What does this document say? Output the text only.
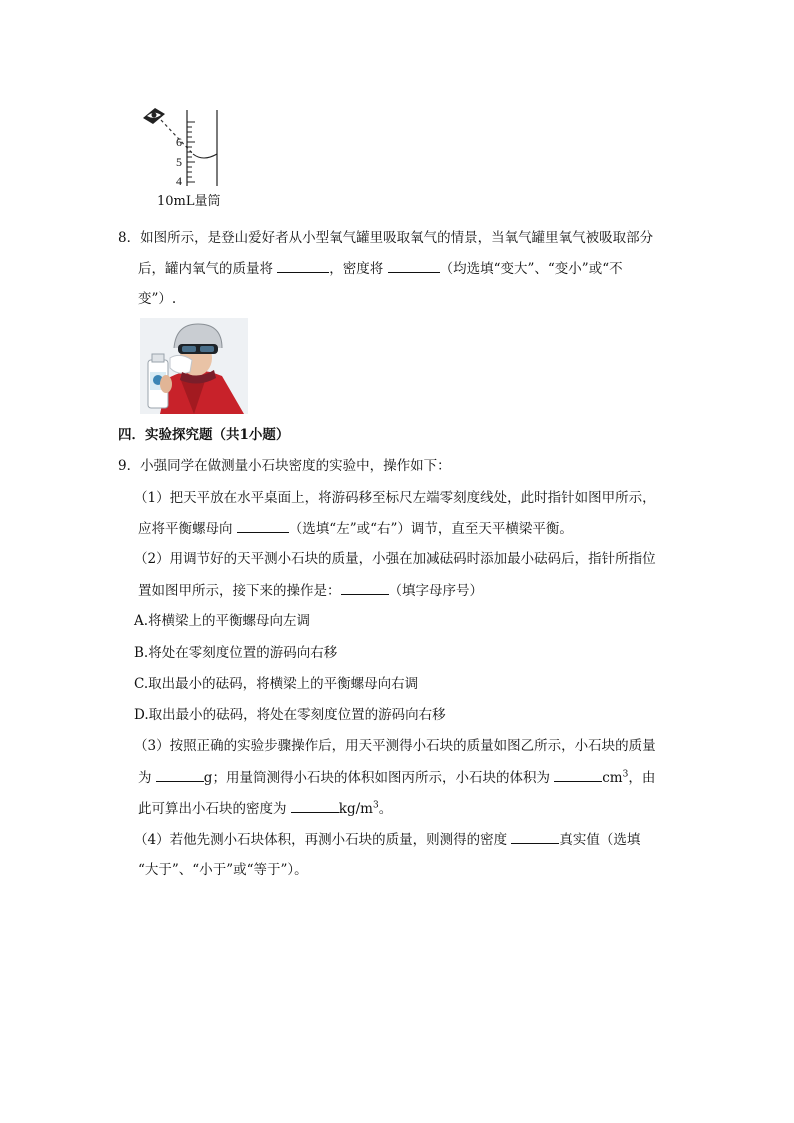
6
5
4
10mL量筒
8．如图所示，是登山爱好者从小型氧气罐里吸取氧气的情景，当氧气罐里氧气被吸取部分
后，罐内氧气的质量将	，密度将	（均选填“变大”、“变小”或“不
变”）.
四．实验探究题（共1小题）
9．小强同学在做测量小石块密度的实验中，操作如下：
（1）把天平放在水平桌面上，将游码移至标尺左端零刻度线处，此时指针如图甲所示，
应将平衡螺母向	（选填“左”或“右”）调节，直至天平横梁平衡。
（2）用调节好的天平测小石块的质量，小强在加减砝码时添加最小砝码后，指针所指位
置如图甲所示，接下来的操作是：	（填字母序号）
A.将横梁上的平衡螺母向左调
B.将处在零刻度位置的游码向右移
C.取出最小的砝码，将横梁上的平衡螺母向右调
D.取出最小的砝码，将处在零刻度位置的游码向右移
（3）按照正确的实验步骤操作后，用天平测得小石块的质量如图乙所示，小石块的质量
为	g；用量筒测得小石块的体积如图丙所示，小石块的体积为	$cm^3$，由
此可算出小石块的密度为	$kg/m^3$。
（4）若他先测小石块体积，再测小石块的质量，则测得的密度	真实值（选填
“大于”、“小于”或“等于”）。
